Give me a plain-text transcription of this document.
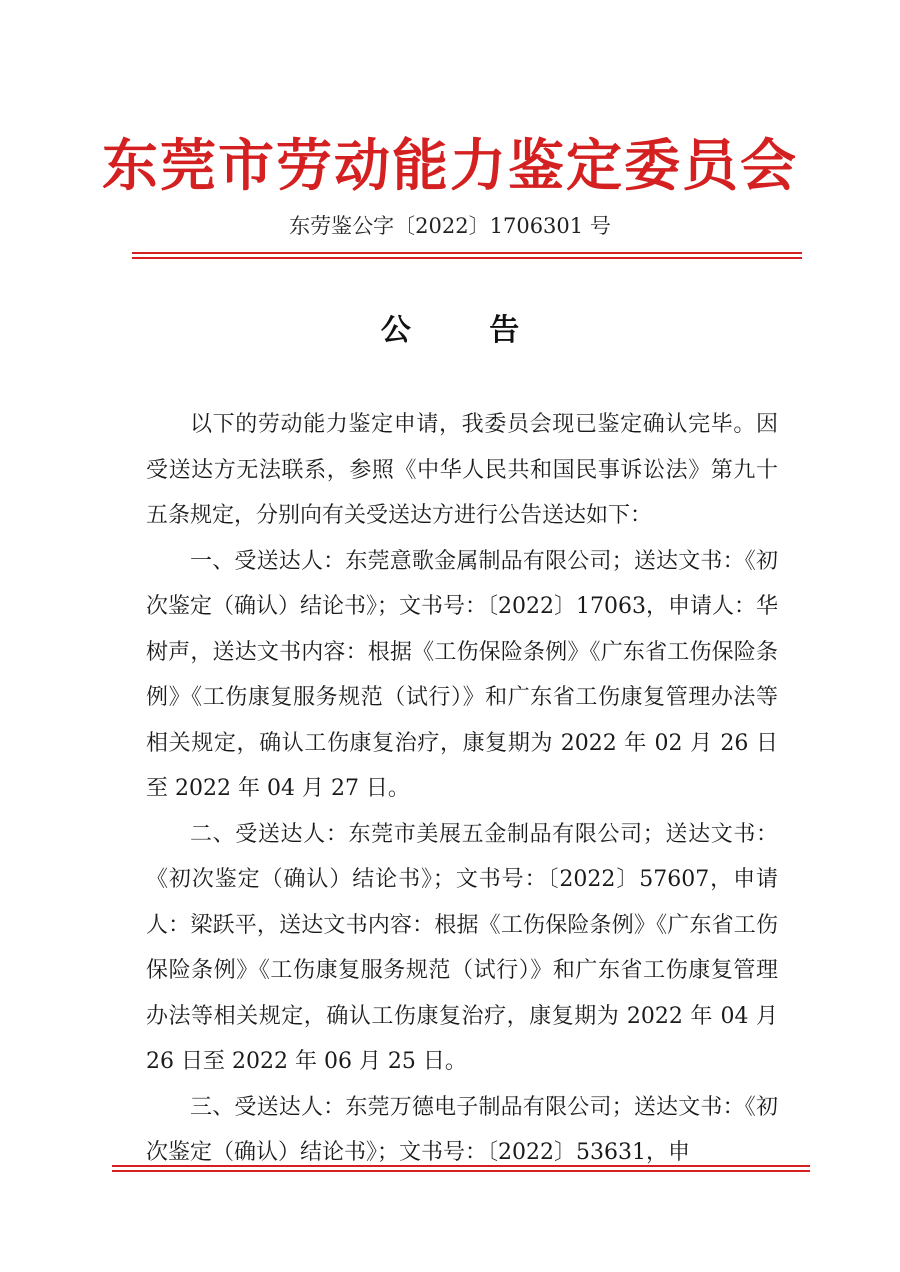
东莞市劳动能力鉴定委员会
东劳鉴公字〔2022〕1706301 号
公 告

以下的劳动能力鉴定申请，我委员会现已鉴定确认完毕。因受送达方无法联系，参照《中华人民共和国民事诉讼法》第九十五条规定，分别向有关受送达方进行公告送达如下：

一、受送达人：东莞意歌金属制品有限公司；送达文书：《初次鉴定（确认）结论书》；文书号：〔2022〕17063，申请人：华树声，送达文书内容：根据《工伤保险条例》《广东省工伤保险条例》《工伤康复服务规范（试行）》和广东省工伤康复管理办法等相关规定，确认工伤康复治疗，康复期为 2022 年 02 月 26 日至 2022 年 04 月 27 日。

二、受送达人：东莞市美展五金制品有限公司；送达文书：《初次鉴定（确认）结论书》；文书号：〔2022〕57607，申请人：梁跃平，送达文书内容：根据《工伤保险条例》《广东省工伤保险条例》《工伤康复服务规范（试行）》和广东省工伤康复管理办法等相关规定，确认工伤康复治疗，康复期为 2022 年 04 月 26 日至 2022 年 06 月 25 日。

三、受送达人：东莞万德电子制品有限公司；送达文书：《初次鉴定（确认）结论书》；文书号：〔2022〕53631，申
